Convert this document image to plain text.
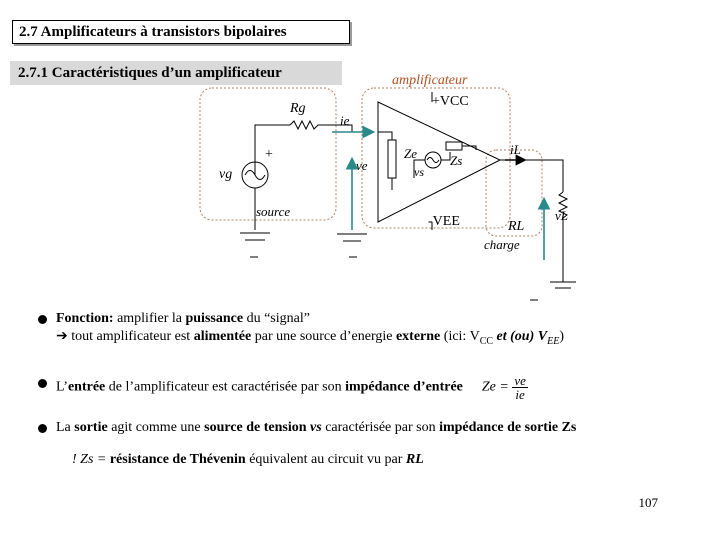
2.7 Amplificateurs à transistors bipolaires
2.7.1 Caractéristiques d’un amplificateur	amplificateur
+VCC
Rg
ie
+
ve
vg
source
Ze	Zs
vs
-VEE
iL
RL
vL
charge
Fonction: amplifier la puissance du “signal”
➔ tout amplificateur est alimentée par une source d’energie externe (ici: $V_{CC}$ et (ou) $V_{EE}$)
L’entrée de l’amplificateur est caractérisée par son impédance d’entrée $Ze = \frac{ve}{ie}$
La sortie agit comme une source de tension vs caractérisée par son impédance de sortie Zs
! Zs = résistance de Thévenin équivalent au circuit vu par RL
107
